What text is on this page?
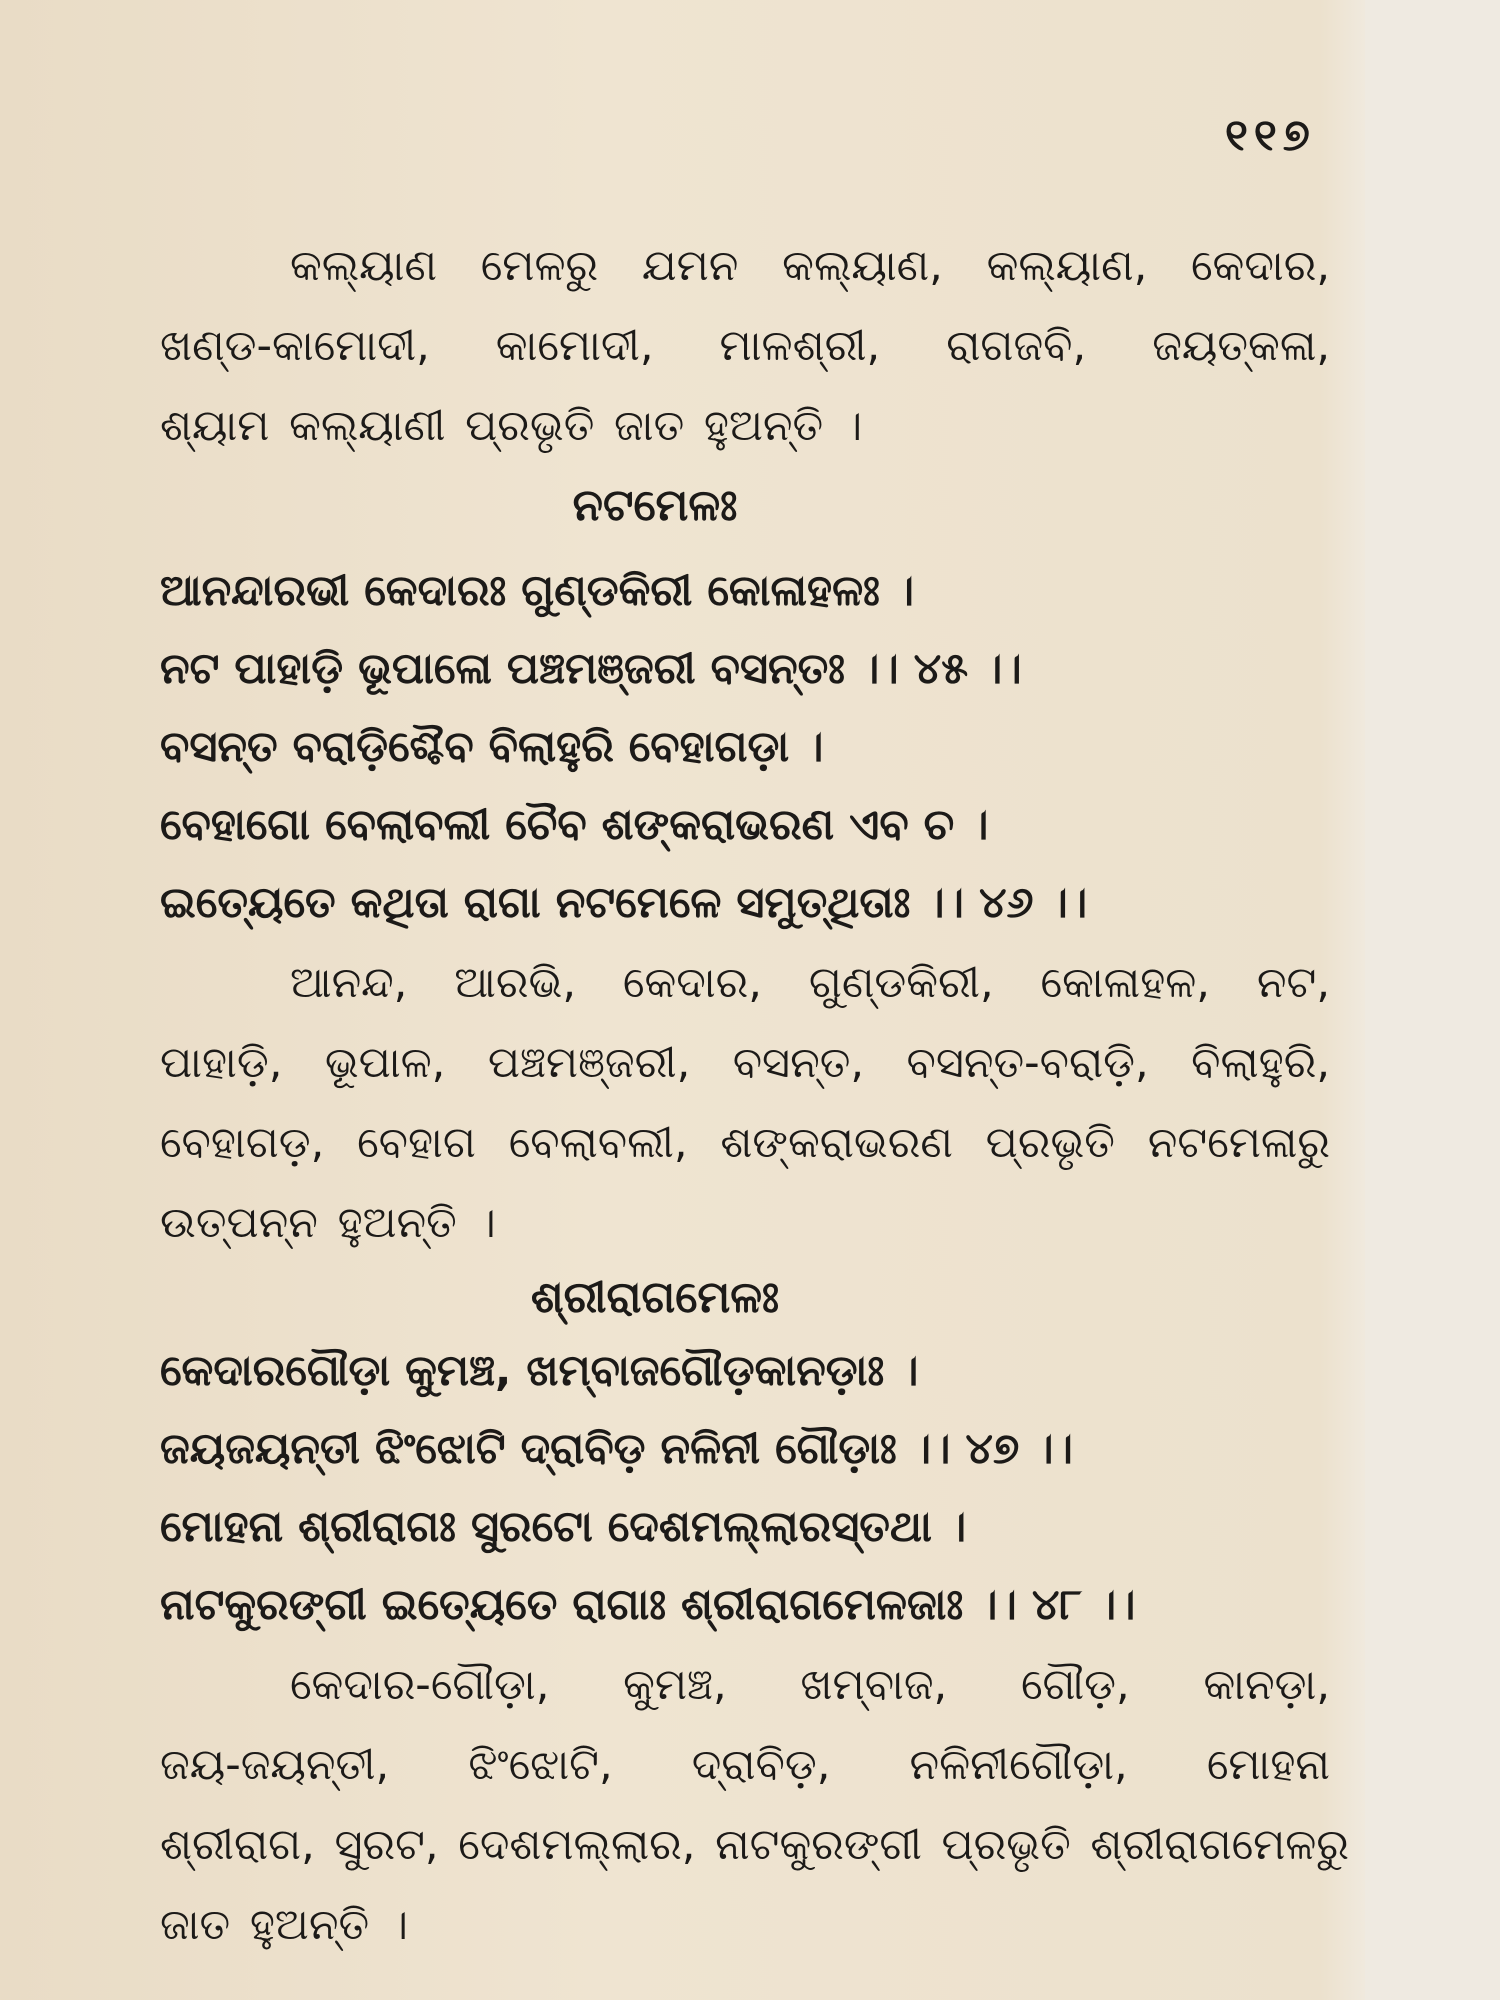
୧୧୭
କଲ୍ୟାଣ ମେଳରୁ ଯମନ କଲ୍ୟାଣ, କଲ୍ୟାଣ, କେଦାର,
ଖଣ୍ଡ-କାମୋଦୀ, କାମୋଦୀ, ମାଳଶ୍ରୀ, ରାଗଜବି, ଜୟତ୍‌କଳା,
ଶ୍ୟାମ କଲ୍ୟାଣୀ ପ୍ରଭୃତି ଜାତ ହୁଅନ୍ତି ।
ନଟମେଳଃ
ଆନନ୍ଦାରଭୀ କେଦାରଃ ଗୁଣ୍ଡକିରୀ କୋଳାହଳଃ ।
ନଟ ପାହାଡ଼ି ଭୂପାଳୋ ପଞ୍ଚମଞ୍ଜରୀ ବସନ୍ତଃ ।। ୪୫ ।।
ବସନ୍ତ ବରାଡ଼ିଶ୍ଚୈବ ବିଲାହୁରି ବେହାଗଡ଼ା ।
ବେହାଗୋ ବେଲାବଲୀ ଚୈବ ଶଙ୍କରାଭରଣ ଏବ ଚ ।
ଇତ୍ୟେତେ କଥିତା ରାଗା ନଟମେଳେ ସମୁତ୍‌ଥିତାଃ ।। ୪୬ ।।
ଆନନ୍ଦ, ଆରଭି, କେଦାର, ଗୁଣ୍ଡକିରୀ, କୋଳାହଳ, ନଟ,
ପାହାଡ଼ି, ଭୂପାଳ, ପଞ୍ଚମଞ୍ଜରୀ, ବସନ୍ତ, ବସନ୍ତ-ବରାଡ଼ି, ବିଲାହୁରି,
ବେହାଗଡ଼, ବେହାଗ ବେଲାବଲୀ, ଶଙ୍କରାଭରଣ ପ୍ରଭୃତି ନଟମେଳାରୁ
ଉତ୍ପନ୍ନ ହୁଅନ୍ତି ।
ଶ୍ରୀରାଗମେଳଃ
କେଦାରଗୌଡ଼ା କୁମଞ୍ଚ, ଖମ୍ବାଜଗୌଡ଼କାନଡ଼ାଃ ।
ଜୟଜୟନ୍ତୀ ଝିଂଝୋଟି ଦ୍ରାବିଡ଼ ନଳିନୀ ଗୌଡ଼ାଃ ।। ୪୭ ।।
ମୋହନା ଶ୍ରୀରାଗଃ ସୁରଟୋ ଦେଶମଲ୍ଲାରସ୍ତଥା ।
ନାଟକୁରଙ୍ଗୀ ଇତ୍ୟେତେ ରାଗାଃ ଶ୍ରୀରାଗମେଳଜାଃ ।। ୪୮ ।।
କେଦାର-ଗୌଡ଼ା, କୁମଞ୍ଚ, ଖମ୍ବାଜ, ଗୌଡ଼, କାନଡ଼ା,
ଜୟ-ଜୟନ୍ତୀ, ଝିଂଝୋଟି, ଦ୍ରାବିଡ଼, ନଳିନୀଗୌଡ଼ା, ମୋହନା
ଶ୍ରୀରାଗ, ସୁରଟ, ଦେଶମଲ୍ଲାର, ନାଟକୁରଙ୍ଗୀ ପ୍ରଭୃତି ଶ୍ରୀରାଗମେଳରୁ
ଜାତ ହୁଅନ୍ତି ।
